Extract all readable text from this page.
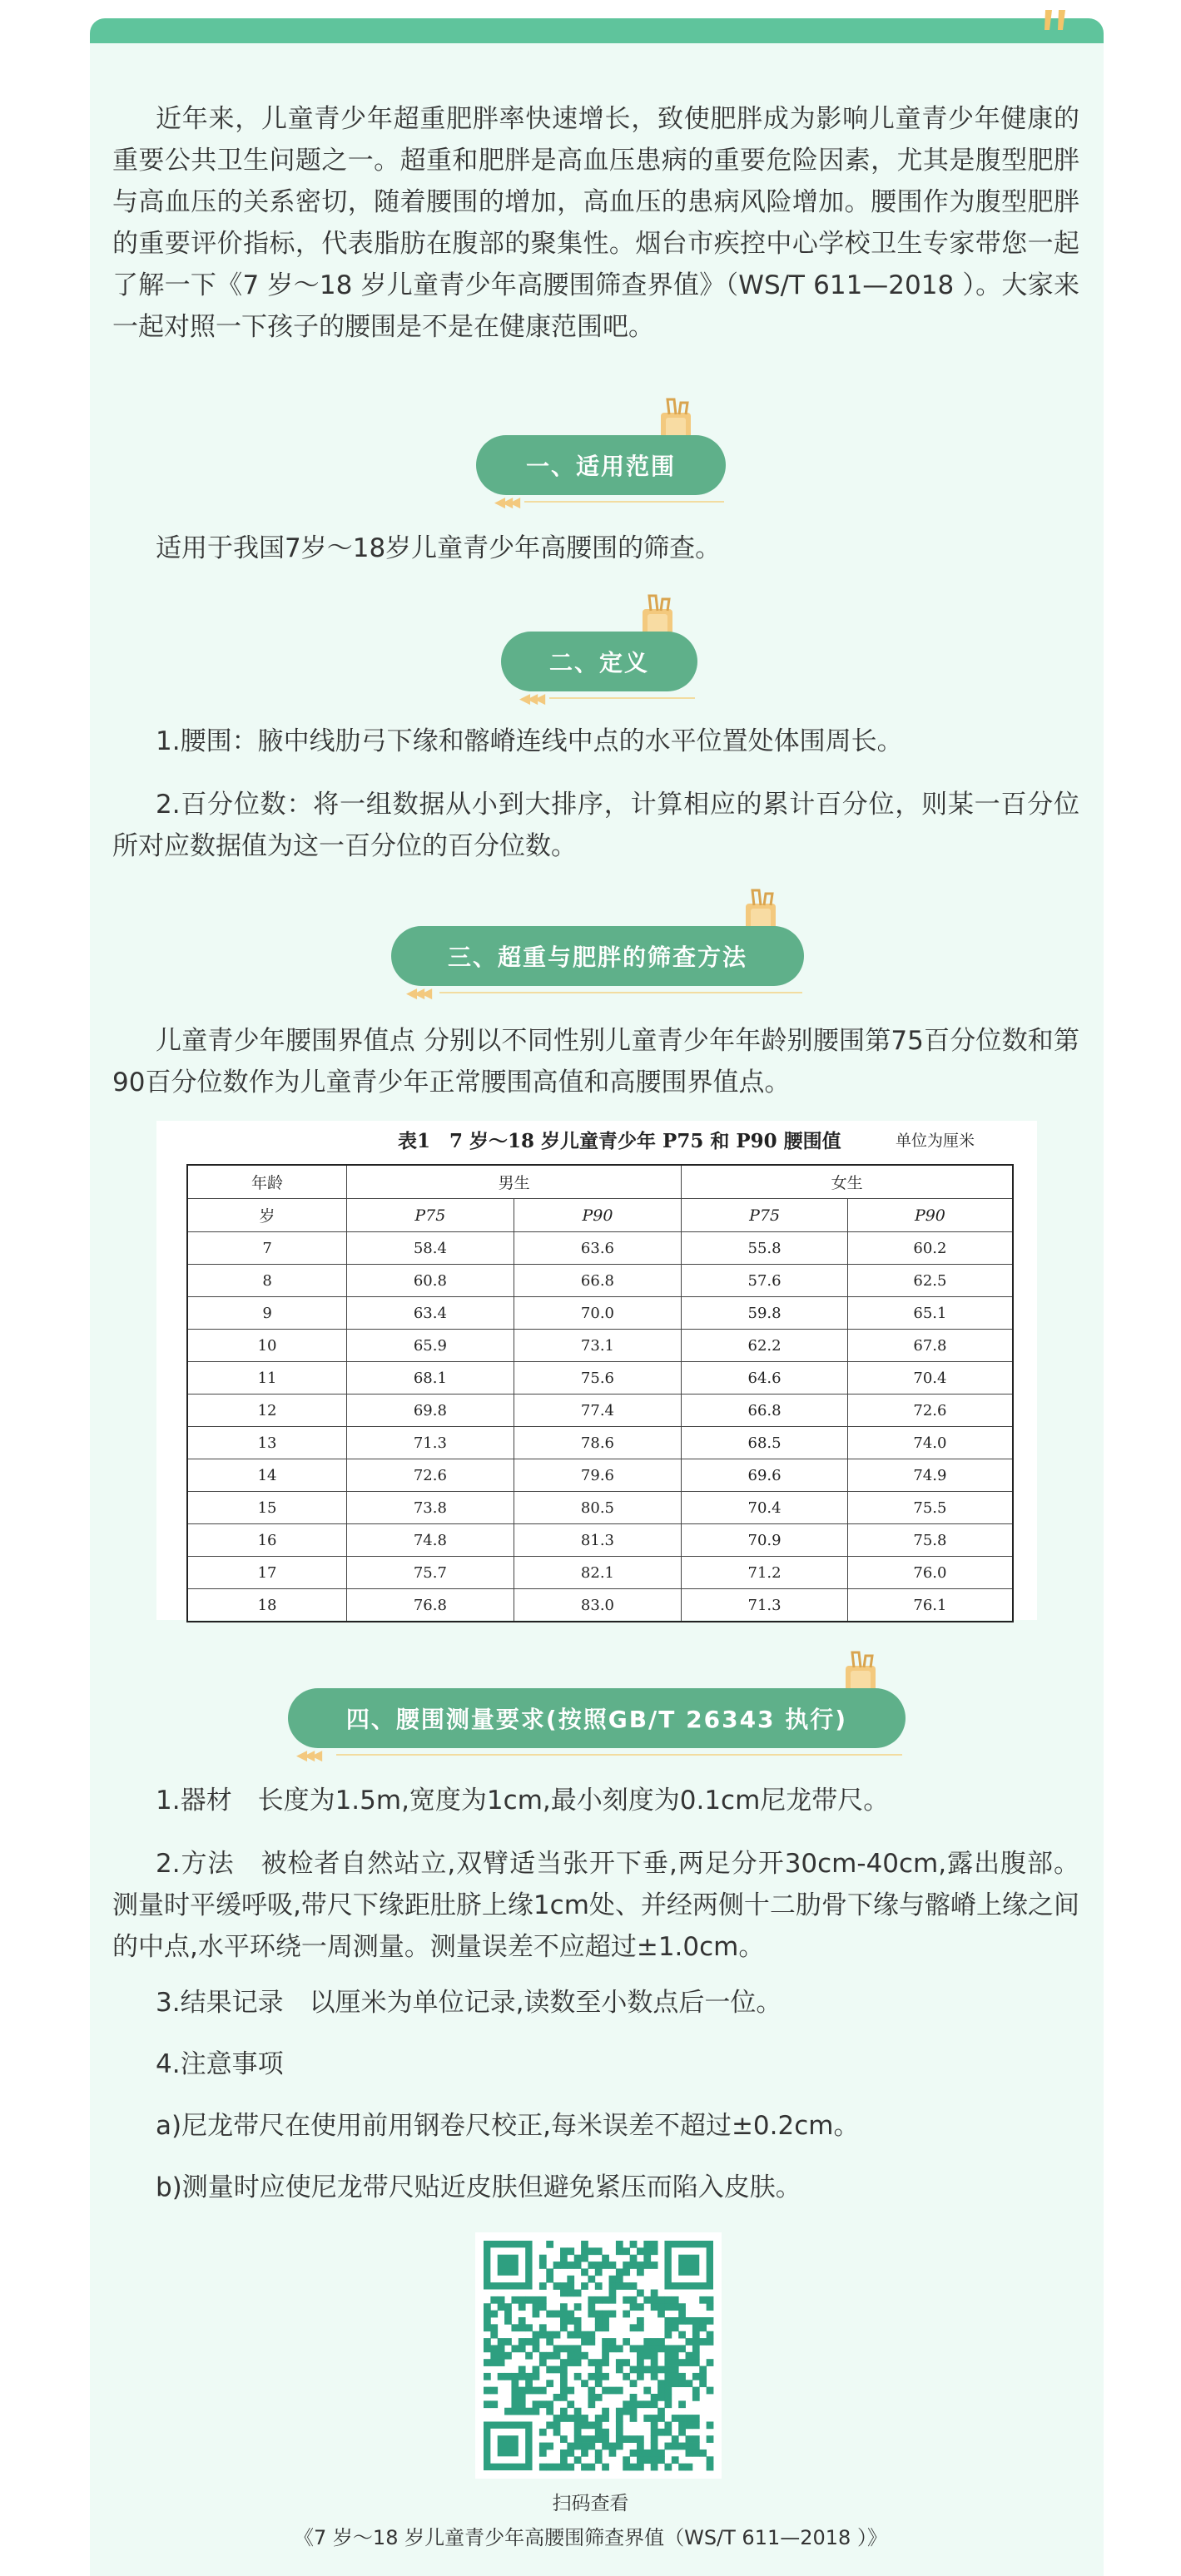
近年来，儿童青少年超重肥胖率快速增长，致使肥胖成为影响儿童青少年健康的重要公共卫生问题之一。超重和肥胖是高血压患病的重要危险因素，尤其是腹型肥胖与高血压的关系密切，随着腰围的增加，高血压的患病风险增加。腰围作为腹型肥胖的重要评价指标，代表脂肪在腹部的聚集性。烟台市疾控中心学校卫生专家带您一起了解一下《7 岁～18 岁儿童青少年高腰围筛查界值》（WS/T 611—2018 ）。大家来一起对照一下孩子的腰围是不是在健康范围吧。

一、适用范围
◀◀◀

适用于我国7岁～18岁儿童青少年高腰围的筛查。

二、定义
◀◀◀

1.腰围：腋中线肋弓下缘和髂嵴连线中点的水平位置处体围周长。

2.百分位数：将一组数据从小到大排序，计算相应的累计百分位，则某一百分位所对应数据值为这一百分位的百分位数。

三、超重与肥胖的筛查方法
◀◀◀

儿童青少年腰围界值点 分别以不同性别儿童青少年年龄别腰围第75百分位数和第90百分位数作为儿童青少年正常腰围高值和高腰围界值点。

表1　7 岁～18 岁儿童青少年 P75 和 P90 腰围值	单位为厘米
年龄	男生		女生	
岁	P75	P90	P75	P90
7	58.4	63.6	55.8	60.2
8	60.8	66.8	57.6	62.5
9	63.4	70.0	59.8	65.1
10	65.9	73.1	62.2	67.8
11	68.1	75.6	64.6	70.4
12	69.8	77.4	66.8	72.6
13	71.3	78.6	68.5	74.0
14	72.6	79.6	69.6	74.9
15	73.8	80.5	70.4	75.5
16	74.8	81.3	70.9	75.8
17	75.7	82.1	71.2	76.0
18	76.8	83.0	71.3	76.1
四、腰围测量要求(按照GB/T 26343 执行)
◀◀◀

1.器材　长度为1.5m,宽度为1cm,最小刻度为0.1cm尼龙带尺。

2.方法　被检者自然站立,双臂适当张开下垂,两足分开30cm-40cm,露出腹部。测量时平缓呼吸,带尺下缘距肚脐上缘1cm处、并经两侧十二肋骨下缘与髂嵴上缘之间的中点,水平环绕一周测量。测量误差不应超过±1.0cm。

3.结果记录　以厘米为单位记录,读数至小数点后一位。

4.注意事项

a)尼龙带尺在使用前用钢卷尺校正,每米误差不超过±0.2cm。

b)测量时应使尼龙带尺贴近皮肤但避免紧压而陷入皮肤。

扫码查看
《7 岁～18 岁儿童青少年高腰围筛查界值（WS/T 611—2018 ）》
